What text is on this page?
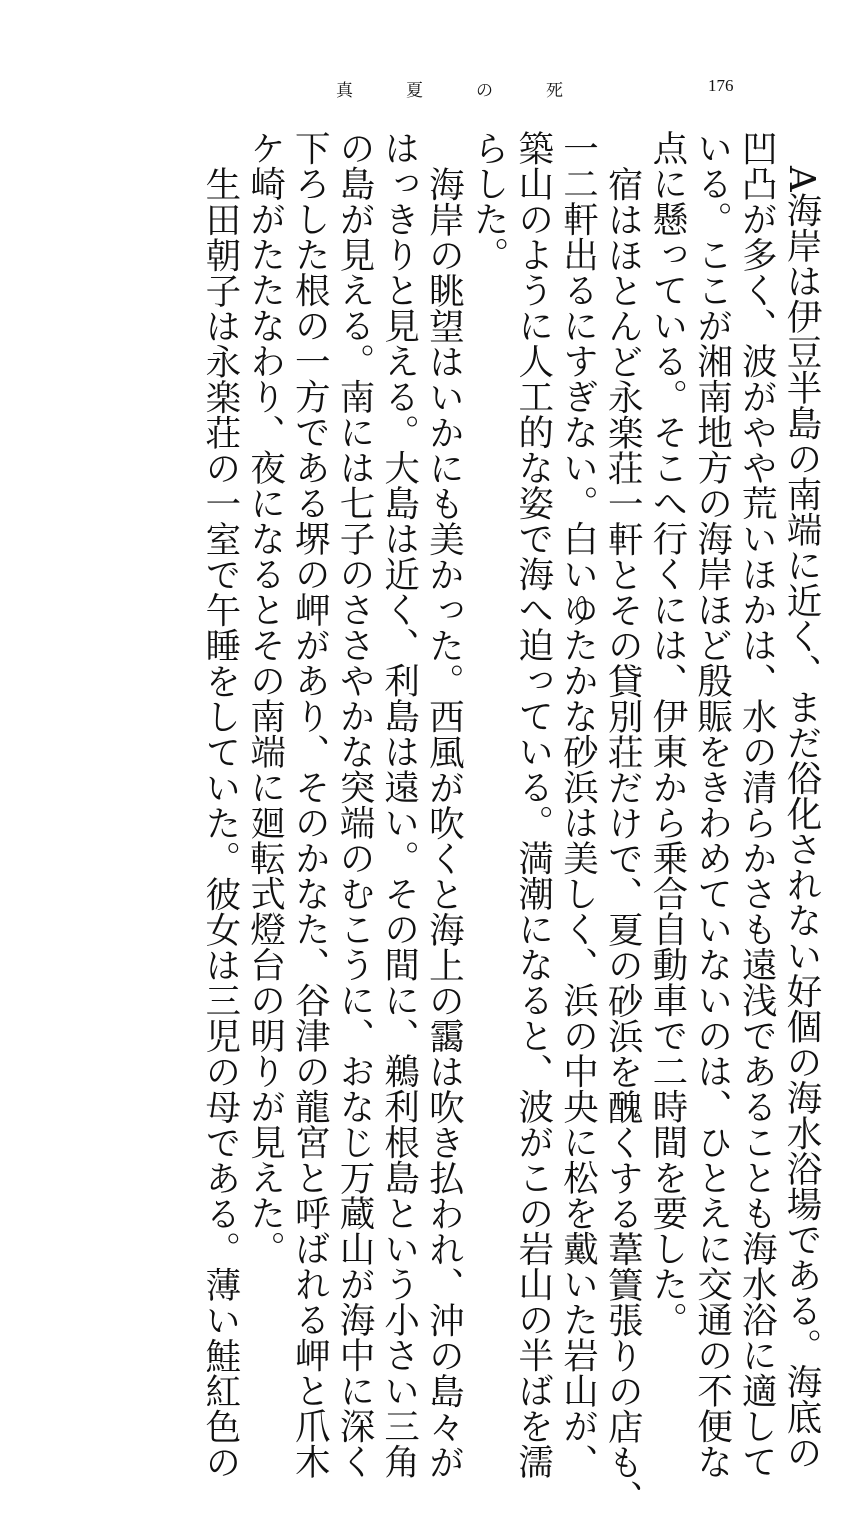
真　夏　の　死	176
A海岸は伊豆半島の南端に近く、まだ俗化されない好個の海水浴場である。海底の
凹凸が多く、波がやや荒いほかは、水の清らかさも遠浅であることも海水浴に適して
いる。ここが湘南地方の海岸ほど殷賑をきわめていないのは、ひとえに交通の不便な
点に懸っている。そこへ行くには、伊東から乗合自動車で二時間を要した。
宿はほとんど永楽荘一軒とその貸別荘だけで、夏の砂浜を醜くする葦簀張りの店も、
一二軒出るにすぎない。白いゆたかな砂浜は美しく、浜の中央に松を戴いた岩山が、
築山のように人工的な姿で海へ迫っている。満潮になると、波がこの岩山の半ばを濡
らした。
海岸の眺望はいかにも美かった。西風が吹くと海上の靄は吹き払われ、沖の島々が
はっきりと見える。大島は近く、利島は遠い。その間に、鵜利根島という小さい三角
の島が見える。南には七子のささやかな突端のむこうに、おなじ万蔵山が海中に深く
下ろした根の一方である堺の岬があり、そのかなた、谷津の龍宮と呼ばれる岬と爪木
ケ崎がたたなわり、夜になるとその南端に廻転式燈台の明りが見えた。
生田朝子は永楽荘の一室で午睡をしていた。彼女は三児の母である。薄い鮭紅色の
